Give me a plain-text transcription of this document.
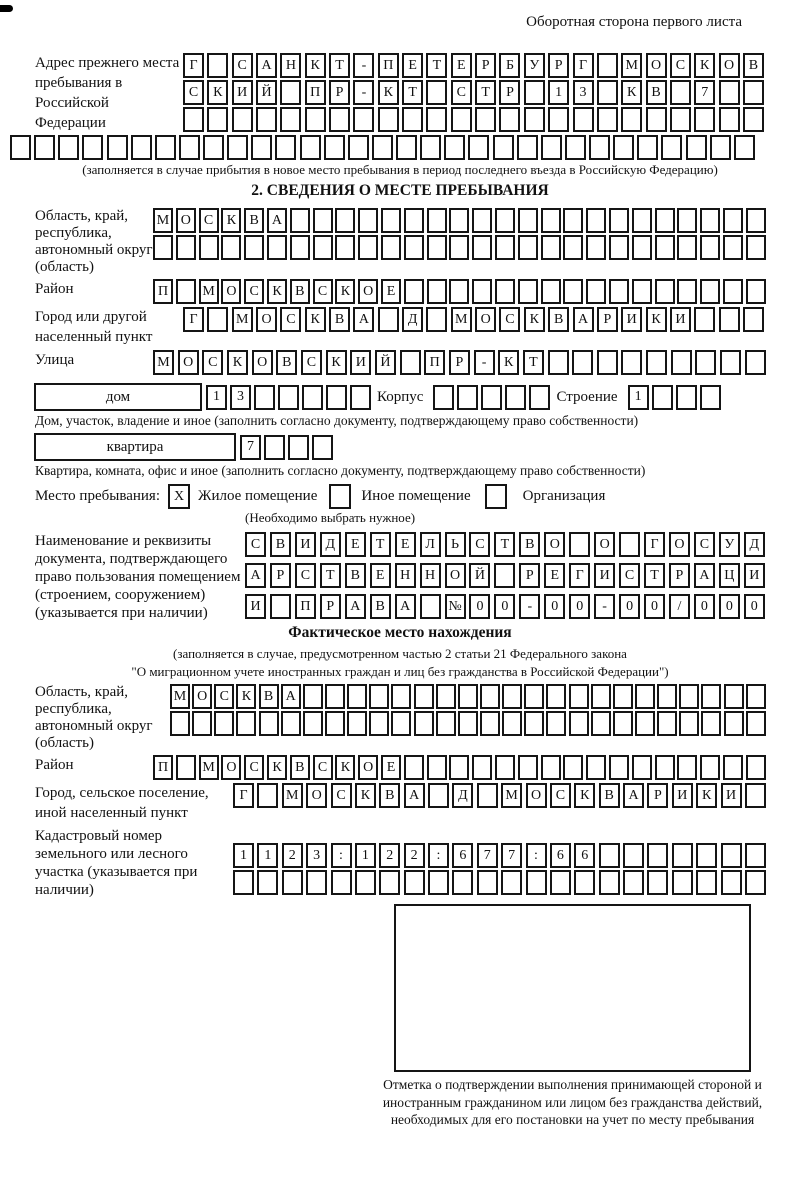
Оборотная сторона первого листа
Адрес прежнего места пребывания в Российской Федерации
Г	С	А	Н	К	Т	-	П	Е	Т	Е	Р	Б	У	Р	Г	М О	С	К	О	В
С	К	И	Й	П	Р	-	К	Т	С	Т	Р	1	3	К	В	7
(заполняется в случае прибытия в новое место пребывания в период последнего въезда в Российскую Федерацию)
2. СВЕДЕНИЯ О МЕСТЕ ПРЕБЫВАНИЯ
Область, край, республика, автономный округ (область)
М О С К В А
Район	П	М О С К В С К О Е
Город или другой населенный пункт
Г	М О	С	К	В	А	Д	М О	С	К	В	А	Р	И	К	И
Улица	М О	С	К	О	В	С	К	И	Й	П	Р	-	К	Т
дом	1	3	Корпус	Строение	1
Дом, участок, владение и иное (заполнить согласно документу, подтверждающему право собственности)
квартира	7
Квартира, комната, офис и иное (заполнить согласно документу, подтверждающему право собственности)
Место пребывания: X Жилое помещение	Иное помещение	Организация
(Необходимо выбрать нужное)
Наименование и реквизиты документа, подтверждающего право пользования помещением (строением, сооружением) (указывается при наличии)
С	В	И	Д	Е	Т	Е	Л	Ь	С	Т	В	О	О	Г	О	С	У	Д
А	Р	С	Т	В	Е	Н	Н	О	Й	Р	Е	Г	И	С	Т	Р	А	Ц	И
И	П	Р	А	В	А	№	0	0	-	0	0	-	0	0	/	0	0	0
Фактическое место нахождения
(заполняется в случае, предусмотренном частью 2 статьи 21 Федерального закона
"О миграционном учете иностранных граждан и лиц без гражданства в Российской Федерации")
Область, край, республика, автономный округ (область)
М О С К В А
Район	П	М О С К В С К О Е
Город, сельское поселение, иной населенный пункт
Г	М О	С	К	В	А	Д	М О	С	К	В	А	Р	И	К	И
Кадастровый номер земельного или лесного участка (указывается при наличии)
1	1	2	3	:	1	2	2	:	6	7	7	:	6	6
Отметка о подтверждении выполнения принимающей стороной и иностранным гражданином или лицом без гражданства действий, необходимых для его постановки на учет по месту пребывания
